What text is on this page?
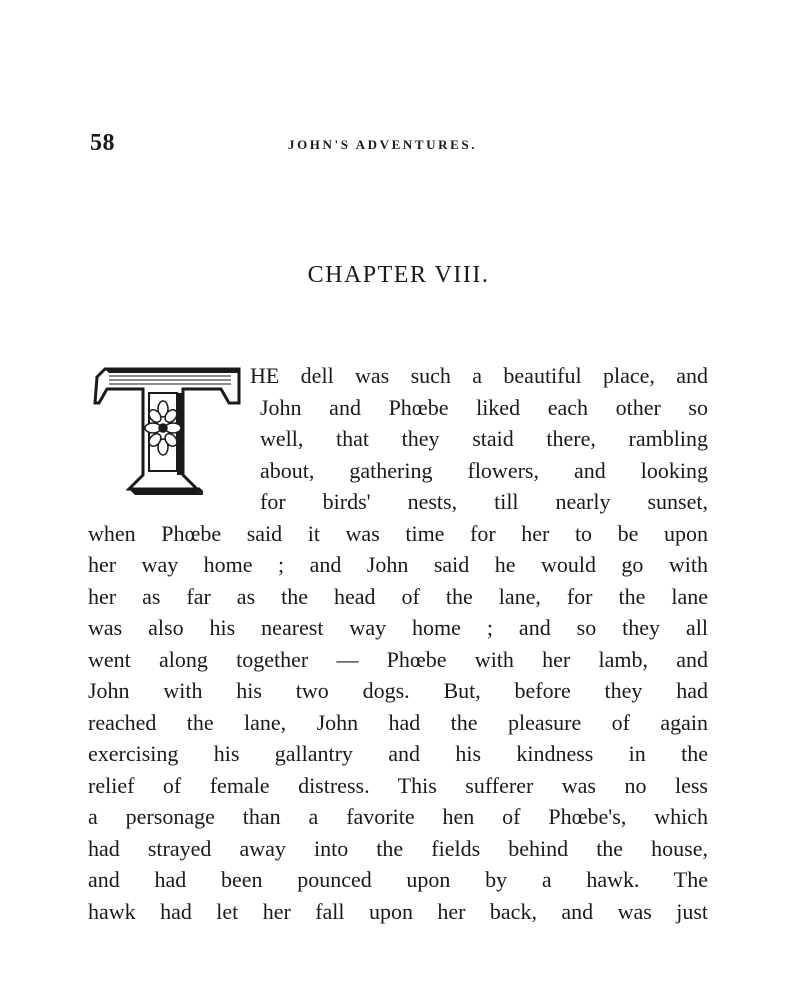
58	JOHN'S ADVENTURES.
CHAPTER VIII.
HE dell was such a beautiful place, and
John and Phœbe liked each other so
well, that they staid there, rambling
about, gathering flowers, and looking
for birds' nests, till nearly sunset,
when Phœbe said it was time for her to be upon
her way home ; and John said he would go with
her as far as the head of the lane, for the lane
was also his nearest way home ; and so they all
went along together — Phœbe with her lamb, and
John with his two dogs. But, before they had
reached the lane, John had the pleasure of again
exercising his gallantry and his kindness in the
relief of female distress. This sufferer was no less
a personage than a favorite hen of Phœbe's, which
had strayed away into the fields behind the house,
and had been pounced upon by a hawk. The
hawk had let her fall upon her back, and was just
